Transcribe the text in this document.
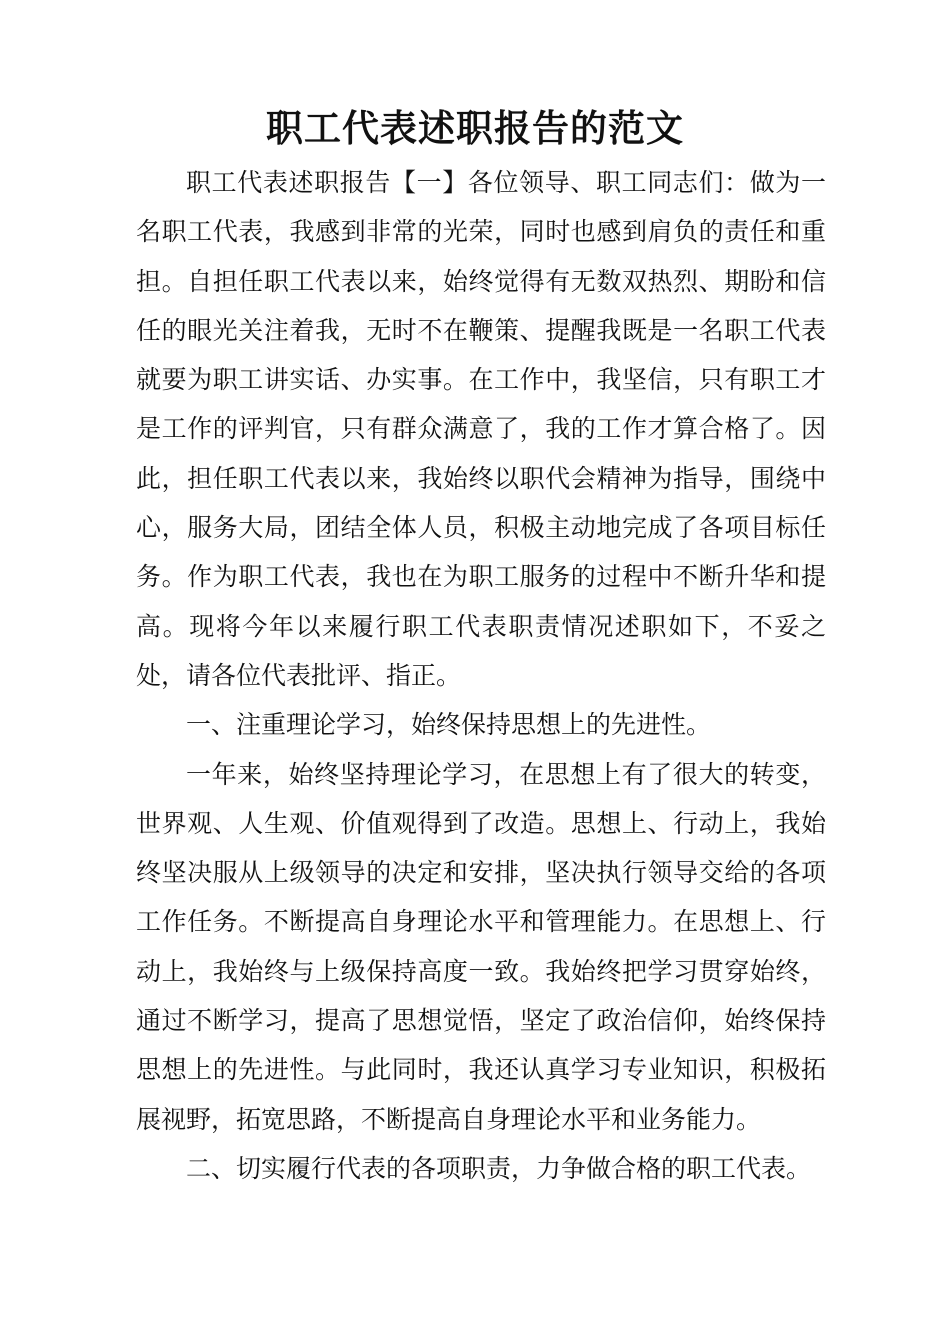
职工代表述职报告的范文

职工代表述职报告【一】各位领导、职工同志们：做为一名职工代表，我感到非常的光荣，同时也感到肩负的责任和重担。自担任职工代表以来，始终觉得有无数双热烈、期盼和信任的眼光关注着我，无时不在鞭策、提醒我既是一名职工代表就要为职工讲实话、办实事。在工作中，我坚信，只有职工才是工作的评判官，只有群众满意了，我的工作才算合格了。因此，担任职工代表以来，我始终以职代会精神为指导，围绕中心，服务大局，团结全体人员，积极主动地完成了各项目标任务。作为职工代表，我也在为职工服务的过程中不断升华和提高。现将今年以来履行职工代表职责情况述职如下，不妥之处，请各位代表批评、指正。

一、注重理论学习，始终保持思想上的先进性。

一年来，始终坚持理论学习，在思想上有了很大的转变，世界观、人生观、价值观得到了改造。思想上、行动上，我始终坚决服从上级领导的决定和安排，坚决执行领导交给的各项工作任务。不断提高自身理论水平和管理能力。在思想上、行动上，我始终与上级保持高度一致。我始终把学习贯穿始终，通过不断学习，提高了思想觉悟，坚定了政治信仰，始终保持思想上的先进性。与此同时，我还认真学习专业知识，积极拓展视野，拓宽思路，不断提高自身理论水平和业务能力。

二、切实履行代表的各项职责，力争做合格的职工代表。
